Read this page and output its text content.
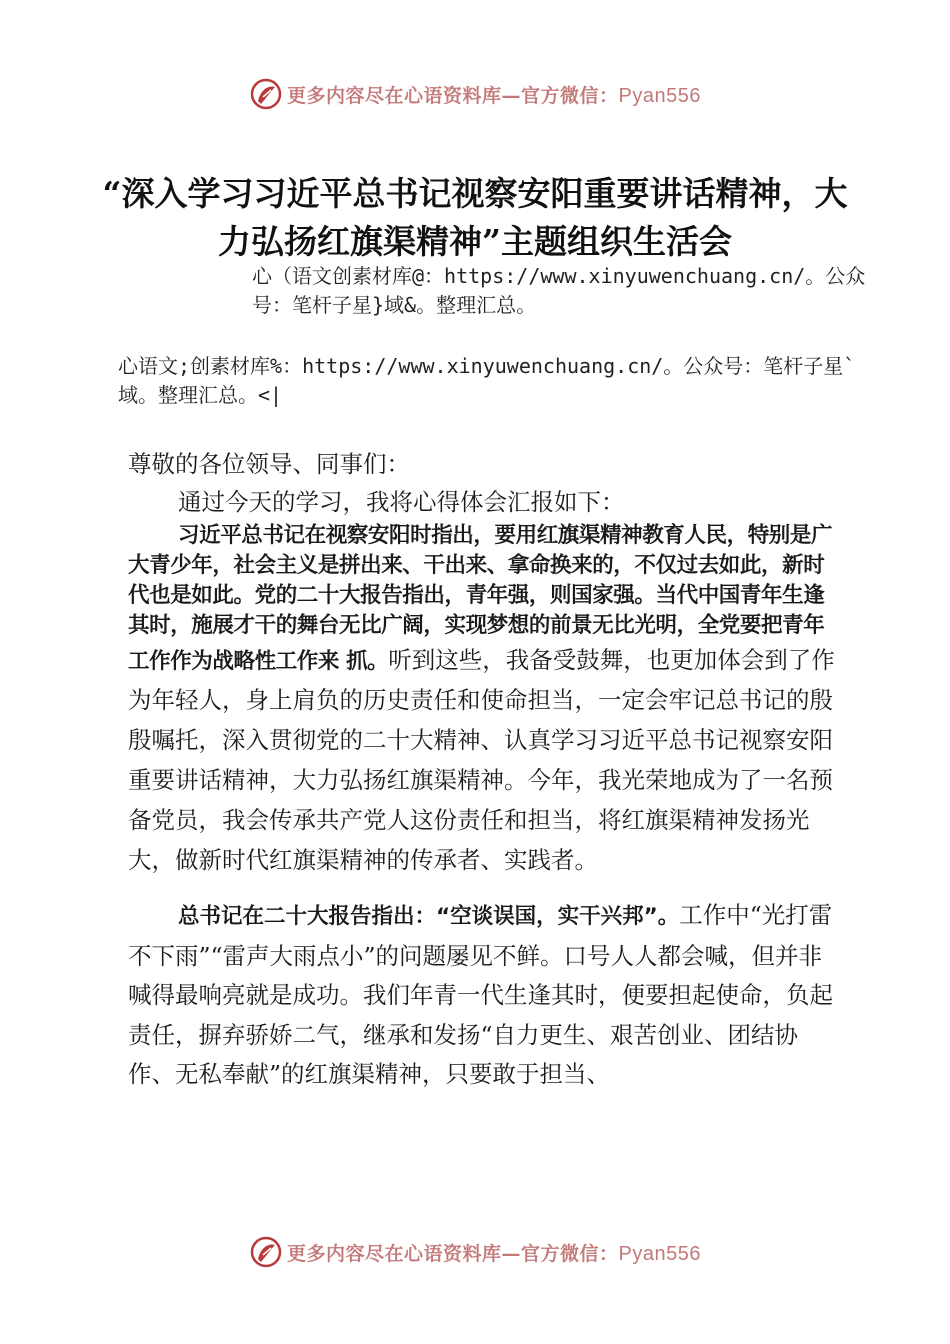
更多内容尽在心语资料库—官方微信：Pyan556
“深入学习习近平总书记视察安阳重要讲话精神，大力弘扬红旗渠精神”主题组织生活会
心（语文创素材库@：https://www.xinyuwenchuang.cn/。公众号：笔杆子星}域&。整理汇总。
心语文;创素材库%：https://www.xinyuwenchuang.cn/。公众号：笔杆子星`域。整理汇总。<|
尊敬的各位领导、同事们：
通过今天的学习，我将心得体会汇报如下：
习近平总书记在视察安阳时指出，要用红旗渠精神教育人民，特别是广大青少年，社会主义是拼出来、干出来、拿命换来的，不仅过去如此，新时代也是如此。党的二十大报告指出，青年强，则国家强。当代中国青年生逢其时，施展才干的舞台无比广阔，实现梦想的前景无比光明，全党要把青年工作作为战略性工作来 抓。听到这些，我备受鼓舞，也更加体会到了作为年轻人，身上肩负的历史责任和使命担当，一定会牢记总书记的殷殷嘱托，深入贯彻党的二十大精神、认真学习习近平总书记视察安阳重要讲话精神，大力弘扬红旗渠精神。今年，我光荣地成为了一名预备党员，我会传承共产党人这份责任和担当，将红旗渠精神发扬光大，做新时代红旗渠精神的传承者、实践者。
总书记在二十大报告指出：“空谈误国，实干兴邦”。工作中“光打雷不下雨”“雷声大雨点小”的问题屡见不鲜。口号人人都会喊，但并非喊得最响亮就是成功。我们年青一代生逢其时，便要担起使命，负起责任，摒弃骄娇二气，继承和发扬“自力更生、艰苦创业、团结协作、无私奉献”的红旗渠精神，只要敢于担当、
更多内容尽在心语资料库—官方微信：Pyan556
